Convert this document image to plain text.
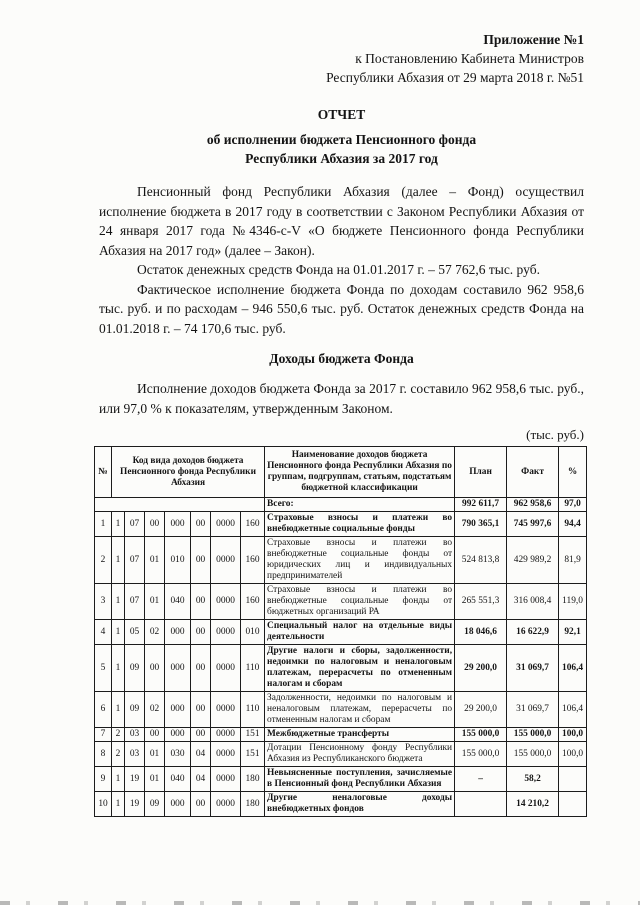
Приложение №1
к Постановлению Кабинета Министров
Республики Абхазия от 29 марта 2018 г. №51
ОТЧЕТ
об исполнении бюджета Пенсионного фонда
Республики Абхазия за 2017 год

Пенсионный фонд Республики Абхазия (далее – Фонд) осуществил исполнение бюджета в 2017 году в соответствии с Законом Республики Абхазия от 24 января 2017 года №4346-с-V «О бюджете Пенсионного фонда Республики Абхазия на 2017 год» (далее – Закон).

Остаток денежных средств Фонда на 01.01.2017 г. – 57 762,6 тыс. руб.

Фактическое исполнение бюджета Фонда по доходам составило 962 958,6 тыс. руб. и по расходам – 946 550,6 тыс. руб. Остаток денежных средств Фонда на 01.01.2018 г. – 74 170,6 тыс. руб.

Доходы бюджета Фонда

Исполнение доходов бюджета Фонда за 2017 г. составило 962 958,6 тыс. руб., или 97,0 % к показателям, утвержденным Законом.

(тыс. руб.)
№	Код вида доходов бюджета Пенсионного фонда Республики Абхазия							Наименование доходов бюджета Пенсионного фонда Республики Абхазия по группам, подгруппам, статьям, подстатьям бюджетной классификации	План	Факт	%
								Всего:	992 611,7	962 958,6	97,0
1	1	07	00	000	00	0000	160	Страховые взносы и платежи во внебюджетные социальные фонды	790 365,1	745 997,6	94,4
2	1	07	01	010	00	0000	160	Страховые взносы и платежи во внебюджетные социальные фонды от юридических лиц и индивидуальных предпринимателей	524 813,8	429 989,2	81,9
3	1	07	01	040	00	0000	160	Страховые взносы и платежи во внебюджетные социальные фонды от бюджетных организаций РА	265 551,3	316 008,4	119,0
4	1	05	02	000	00	0000	010	Специальный налог на отдельные виды деятельности	18 046,6	16 622,9	92,1
5	1	09	00	000	00	0000	110	Другие налоги и сборы, задолженности, недоимки по налоговым и неналоговым платежам, перерасчеты по отмененным налогам и сборам	29 200,0	31 069,7	106,4
6	1	09	02	000	00	0000	110	Задолженности, недоимки по налоговым и неналоговым платежам, перерасчеты по отмененным налогам и сборам	29 200,0	31 069,7	106,4
7	2	03	00	000	00	0000	151	Межбюджетные трансферты	155 000,0	155 000,0	100,0
8	2	03	01	030	04	0000	151	Дотации Пенсионному фонду Республики Абхазия из Республиканского бюджета	155 000,0	155 000,0	100,0
9	1	19	01	040	04	0000	180	Невыясненные поступления, зачисляемые в Пенсионный фонд Республики Абхазия	–	58,2	
10	1	19	09	000	00	0000	180	Другие неналоговые доходы внебюджетных фондов		14 210,2	
